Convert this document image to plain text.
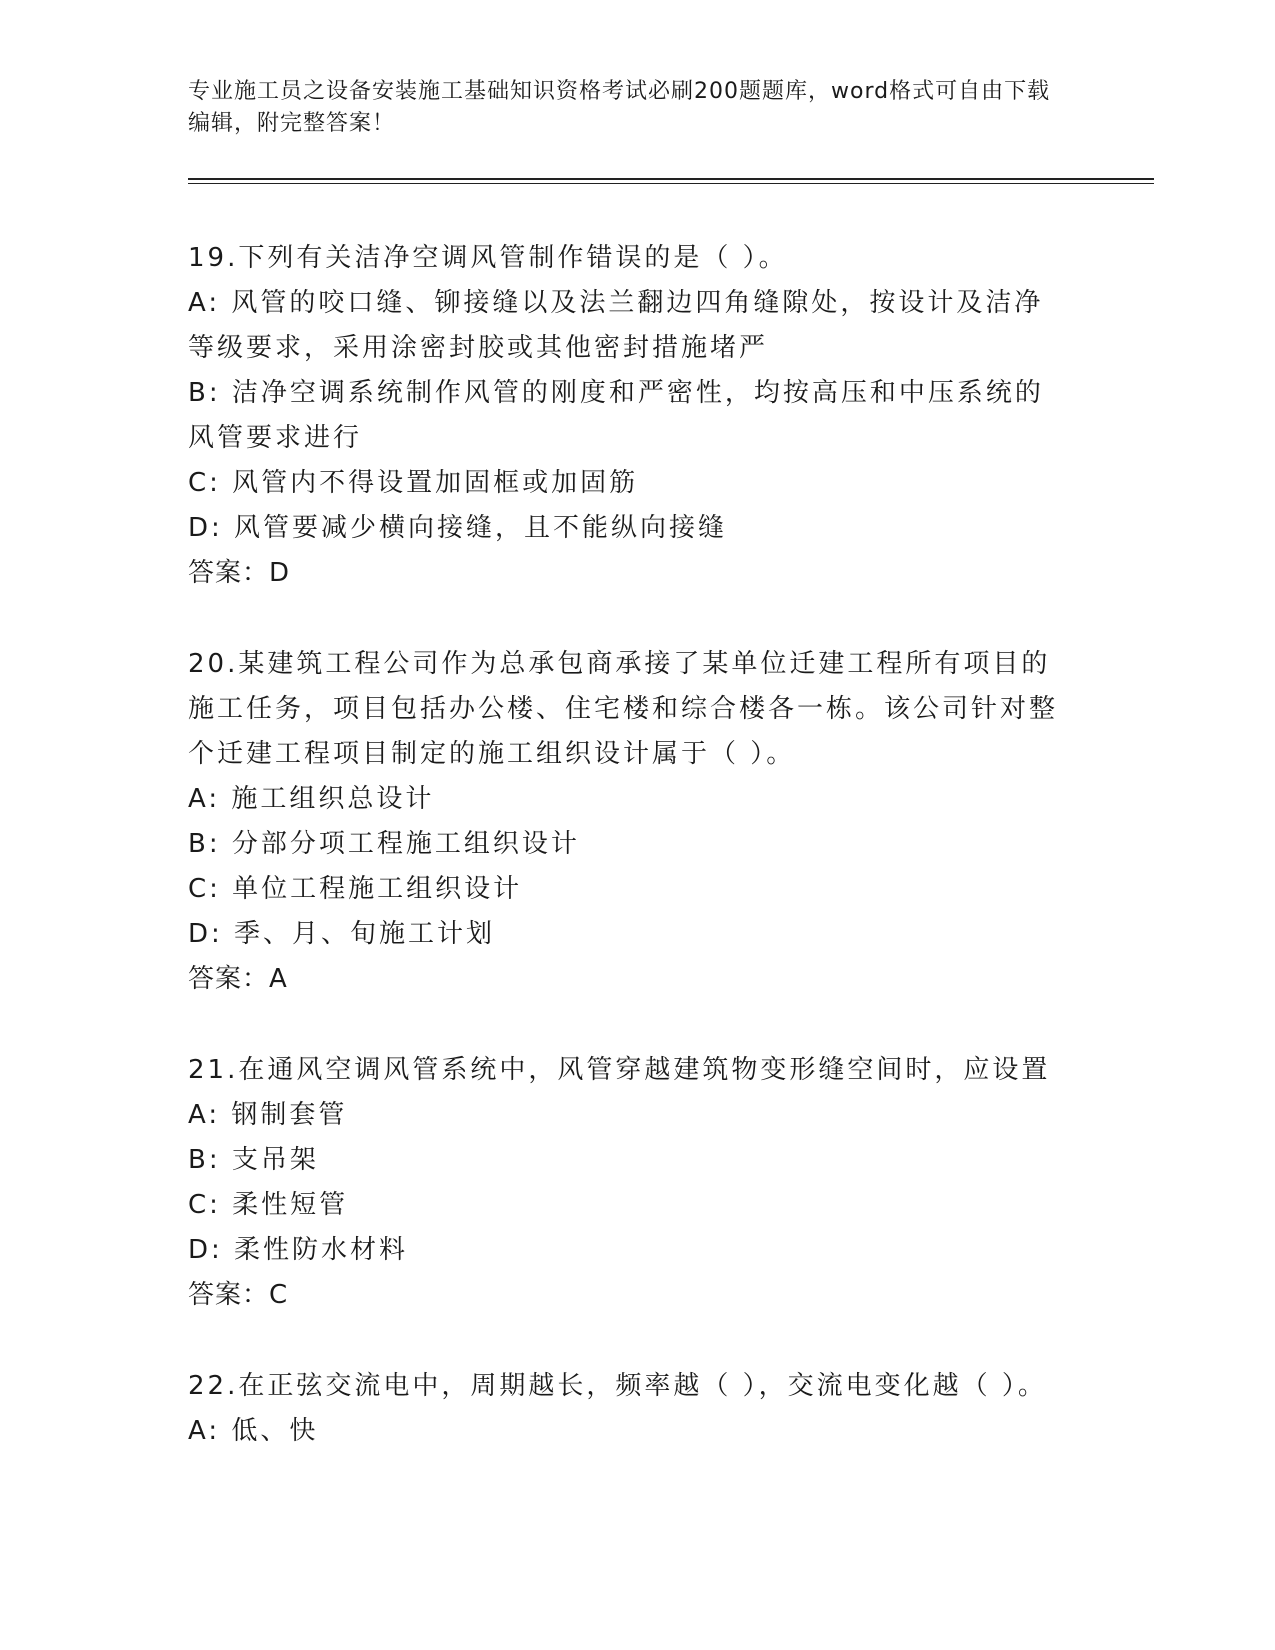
专业施工员之设备安装施工基础知识资格考试必刷200题题库，word格式可自由下载编辑，附完整答案！
19.下列有关洁净空调风管制作错误的是（ ）。
A: 风管的咬口缝、铆接缝以及法兰翻边四角缝隙处，按设计及洁净等级要求，采用涂密封胶或其他密封措施堵严
B: 洁净空调系统制作风管的刚度和严密性，均按高压和中压系统的风管要求进行
C: 风管内不得设置加固框或加固筋
D: 风管要减少横向接缝，且不能纵向接缝
答案：D
20.某建筑工程公司作为总承包商承接了某单位迁建工程所有项目的施工任务，项目包括办公楼、住宅楼和综合楼各一栋。该公司针对整个迁建工程项目制定的施工组织设计属于（ ）。
A: 施工组织总设计
B: 分部分项工程施工组织设计
C: 单位工程施工组织设计
D: 季、月、旬施工计划
答案：A
21.在通风空调风管系统中，风管穿越建筑物变形缝空间时，应设置
A: 钢制套管
B: 支吊架
C: 柔性短管
D: 柔性防水材料
答案：C
22.在正弦交流电中，周期越长，频率越（ ），交流电变化越（ ）。
A: 低、快
